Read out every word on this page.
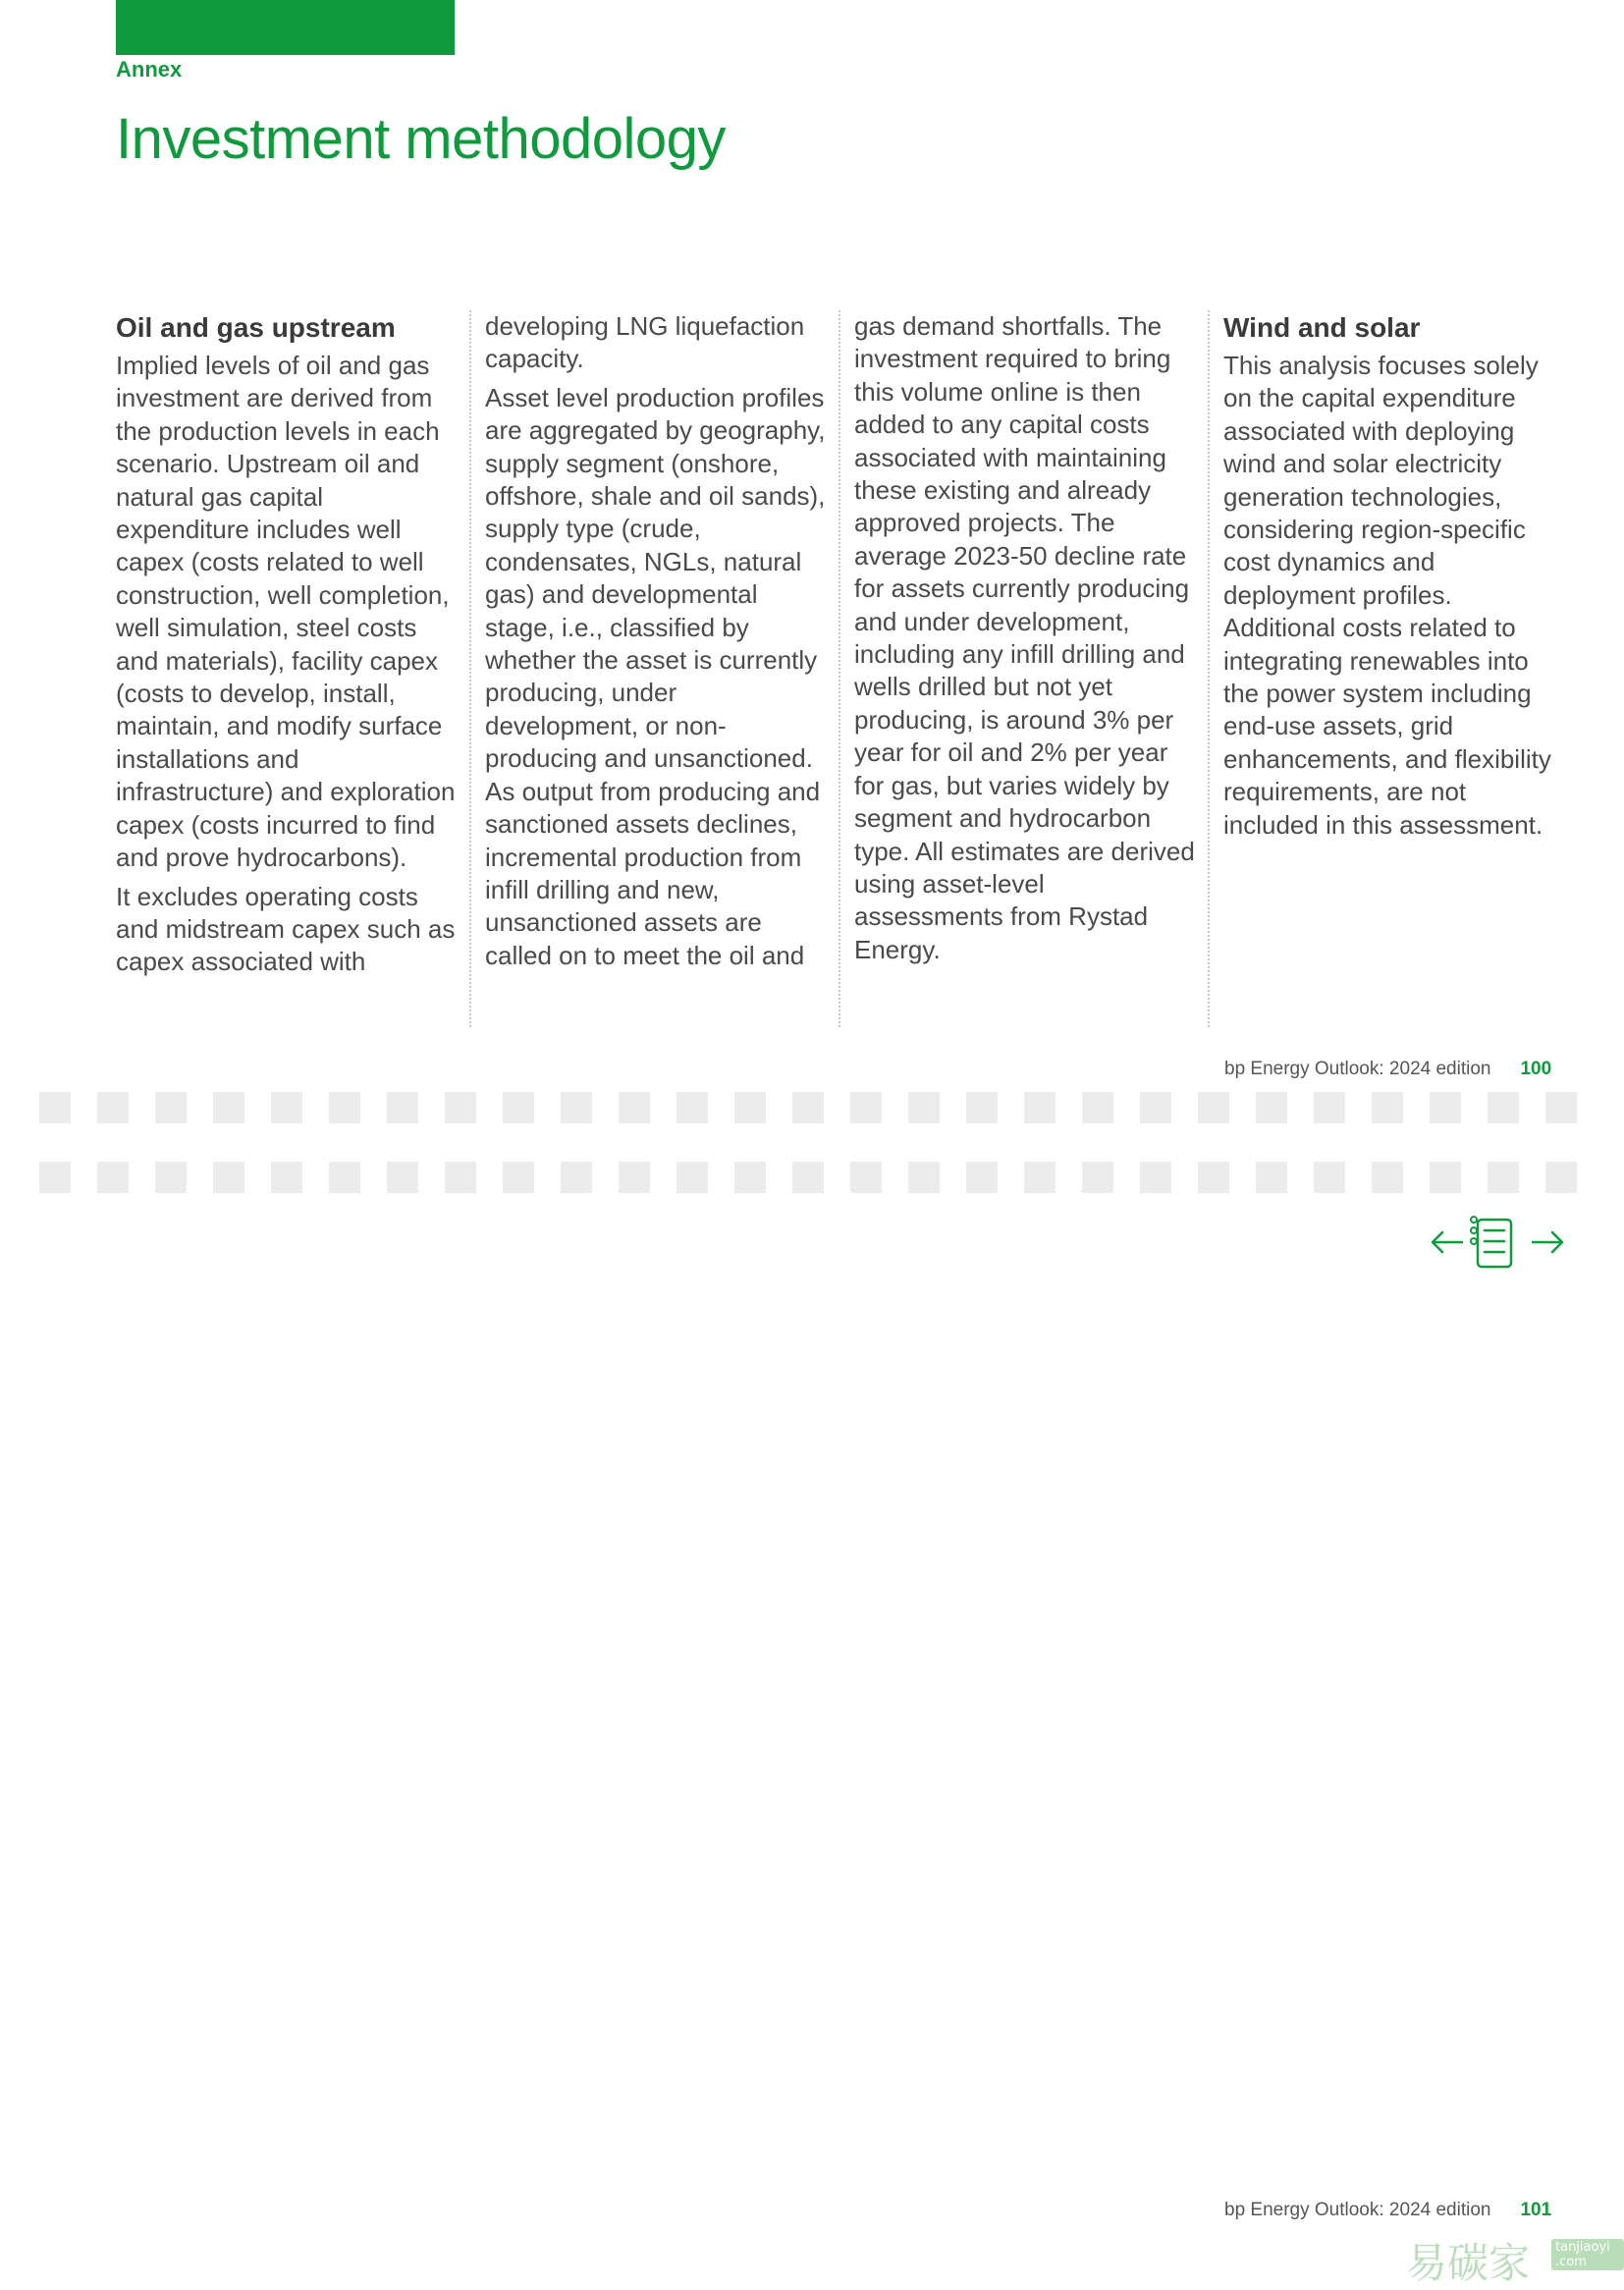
Annex
Investment methodology
Oil and gas upstream

Implied levels of oil and gas investment are derived from the production levels in each scenario. Upstream oil and natural gas capital expenditure includes well capex (costs related to well construction, well completion, well simulation, steel costs and materials), facility capex (costs to develop, install, maintain, and modify surface installations and infrastructure) and exploration capex (costs incurred to find and prove hydrocarbons).

It excludes operating costs and midstream capex such as capex associated with

developing LNG liquefaction capacity.

Asset level production profiles are aggregated by geography, supply segment (onshore, offshore, shale and oil sands), supply type (crude, condensates, NGLs, natural gas) and developmental stage, i.e., classified by whether the asset is currently producing, under development, or non-producing and unsanctioned. As output from producing and sanctioned assets declines, incremental production from infill drilling and new, unsanctioned assets are called on to meet the oil and

gas demand shortfalls. The investment required to bring this volume online is then added to any capital costs associated with maintaining these existing and already approved projects. The average 2023-50 decline rate for assets currently producing and under development, including any infill drilling and wells drilled but not yet producing, is around 3% per year for oil and 2% per year for gas, but varies widely by segment and hydrocarbon type. All estimates are derived using asset-level assessments from Rystad Energy.

Wind and solar

This analysis focuses solely on the capital expenditure associated with deploying wind and solar electricity generation technologies, considering region-specific cost dynamics and deployment profiles. Additional costs related to integrating renewables into the power system including end-use assets, grid enhancements, and flexibility requirements, are not included in this assessment.

bp Energy Outlook: 2024 edition 100
bp Energy Outlook: 2024 edition 101
易碳家	tanjiaoyi .com
